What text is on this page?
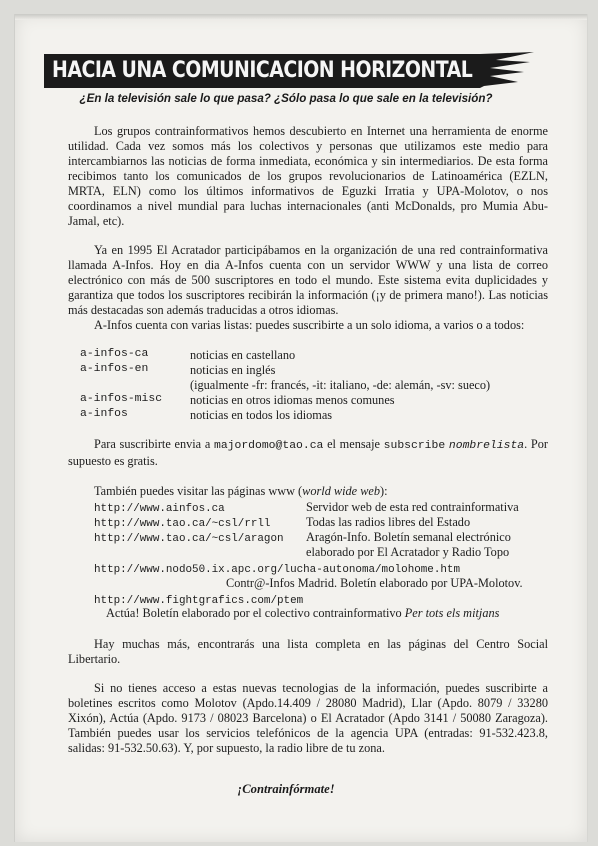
HACIA UNA COMUNICACION HORIZONTAL
¿En la televisión sale lo que pasa? ¿Sólo pasa lo que sale en la televisión?
Los grupos contrainformativos hemos descubierto en Internet una herramienta de enorme utilidad. Cada vez somos más los colectivos y personas que utilizamos este medio para intercambiarnos las noticias de forma inmediata, económica y sin intermediarios. De esta forma recibimos tanto los comunicados de los grupos revolucionarios de Latinoamérica (EZLN, MRTA, ELN) como los últimos informativos de Eguzki Irratia y UPA-Molotov, o nos coordinamos a nivel mundial para luchas internacionales (anti McDonalds, pro Mumia Abu-Jamal, etc).
Ya en 1995 El Acratador participábamos en la organización de una red contrainformativa llamada A-Infos. Hoy en dia A-Infos cuenta con un servidor WWW y una lista de correo electrónico con más de 500 suscriptores en todo el mundo. Este sistema evita duplicidades y garantiza que todos los suscriptores recibirán la información (¡y de primera mano!). Las noticias más destacadas son además traducidas a otros idiomas.
A-Infos cuenta con varias listas: puedes suscribirte a un solo idioma, a varios o a todos:
a-infos-ca	noticias en castellano
a-infos-en	noticias en inglés
(igualmente -fr: francés, -it: italiano, -de: alemán, -sv: sueco)
a-infos-misc noticias en otros idiomas menos comunes
a-infos	noticias en todos los idiomas
Para suscribirte envia a majordomo@tao.ca el mensaje subscribe nombrelista. Por supuesto es gratis.
También puedes visitar las páginas www (world wide web):
http://www.ainfos.ca	Servidor web de esta red contrainformativa
http://www.tao.ca/~csl/rrll	Todas las radios libres del Estado
http://www.tao.ca/~csl/aragon Aragón-Info. Boletín semanal electrónico
elaborado por El Acratador y Radio Topo
http://www.nodo50.ix.apc.org/lucha-autonoma/molohome.htm
Contr@-Infos Madrid. Boletín elaborado por UPA-Molotov.
http://www.fightgrafics.com/ptem
Actúa! Boletín elaborado por el colectivo contrainformativo Per tots els mitjans
Hay muchas más, encontrarás una lista completa en las páginas del Centro Social Libertario.
Si no tienes acceso a estas nuevas tecnologias de la información, puedes suscribirte a boletines escritos como Molotov (Apdo.14.409 / 28080 Madrid), Llar (Apdo. 8079 / 33280 Xixón), Actúa (Apdo. 9173 / 08023 Barcelona) o El Acratador (Apdo 3141 / 50080 Zaragoza). También puedes usar los servicios telefónicos de la agencia UPA (entradas: 91-532.423.8, salidas: 91-532.50.63). Y, por supuesto, la radio libre de tu zona.
¡Contrainfórmate!
